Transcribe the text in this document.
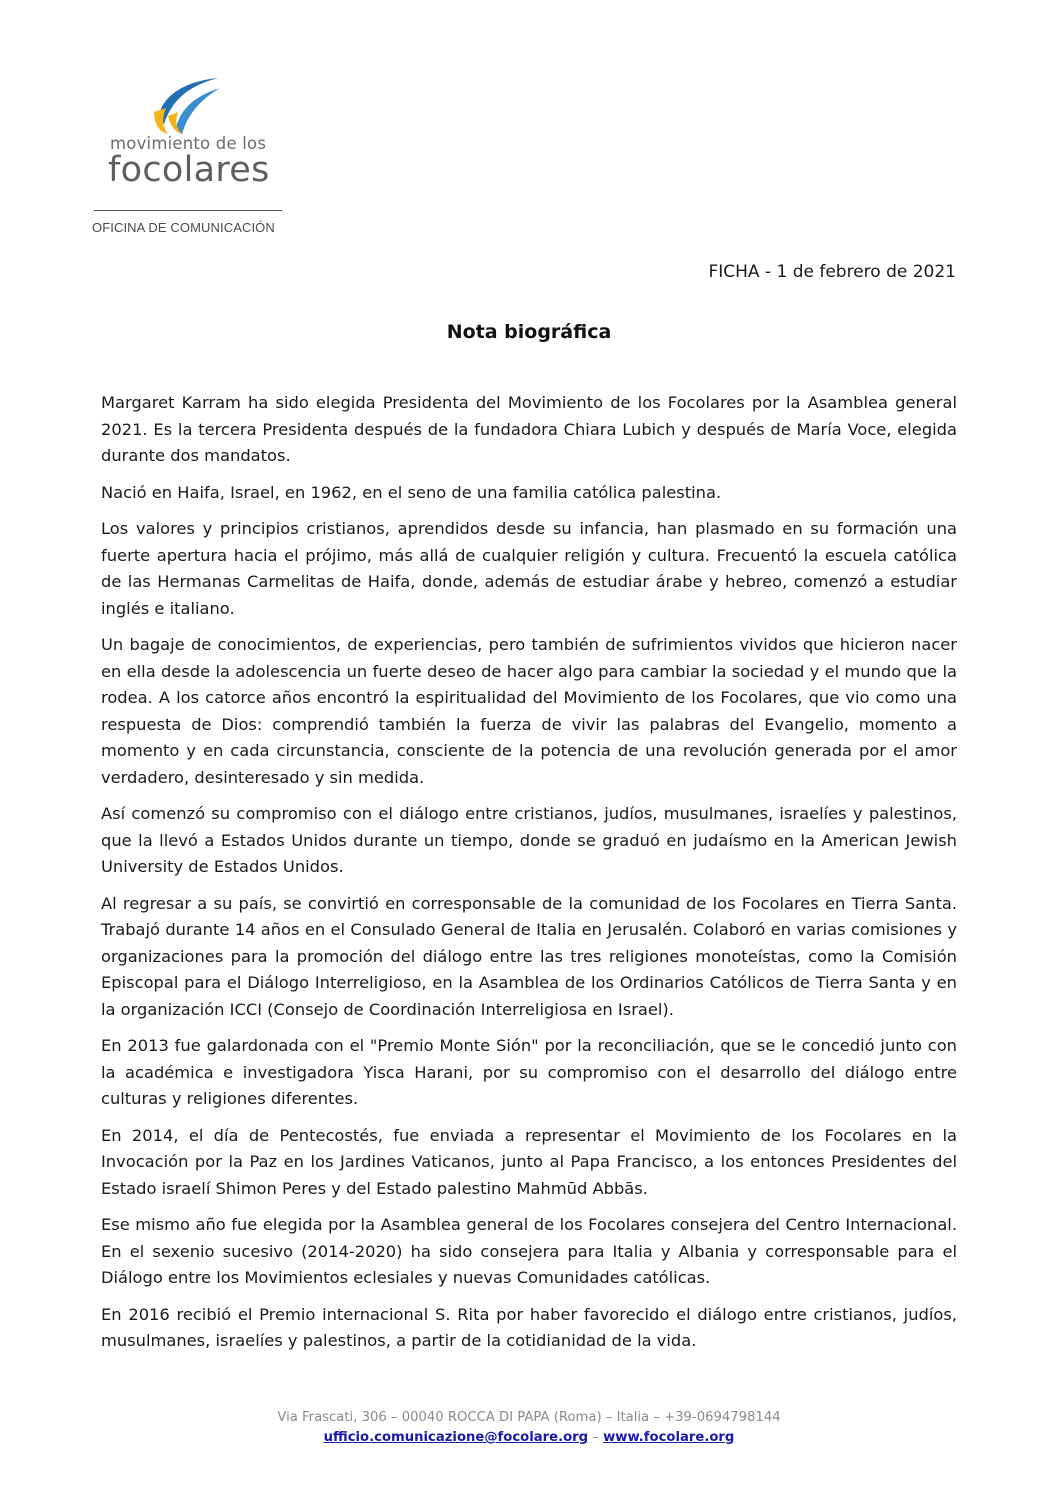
movimiento de los
focolares
OFICINA DE COMUNICACIÓN
FICHA - 1 de febrero de 2021
Nota biográfica

Margaret Karram ha sido elegida Presidenta del Movimiento de los Focolares por la Asamblea general 2021. Es la tercera Presidenta después de la fundadora Chiara Lubich y después de María Voce, elegida durante dos mandatos.

Nació en Haifa, Israel, en 1962, en el seno de una familia católica palestina.

Los valores y principios cristianos, aprendidos desde su infancia, han plasmado en su formación una fuerte apertura hacia el prójimo, más allá de cualquier religión y cultura. Frecuentó la escuela católica de las Hermanas Carmelitas de Haifa, donde, además de estudiar árabe y hebreo, comenzó a estudiar inglés e italiano.

Un bagaje de conocimientos, de experiencias, pero también de sufrimientos vividos que hicieron nacer en ella desde la adolescencia un fuerte deseo de hacer algo para cambiar la sociedad y el mundo que la rodea. A los catorce años encontró la espiritualidad del Movimiento de los Focolares, que vio como una respuesta de Dios: comprendió también la fuerza de vivir las palabras del Evangelio, momento a momento y en cada circunstancia, consciente de la potencia de una revolución generada por el amor verdadero, desinteresado y sin medida.

Así comenzó su compromiso con el diálogo entre cristianos, judíos, musulmanes, israelíes y palestinos, que la llevó a Estados Unidos durante un tiempo, donde se graduó en judaísmo en la American Jewish University de Estados Unidos.

Al regresar a su país, se convirtió en corresponsable de la comunidad de los Focolares en Tierra Santa. Trabajó durante 14 años en el Consulado General de Italia en Jerusalén. Colaboró en varias comisiones y organizaciones para la promoción del diálogo entre las tres religiones monoteístas, como la Comisión Episcopal para el Diálogo Interreligioso, en la Asamblea de los Ordinarios Católicos de Tierra Santa y en la organización ICCI (Consejo de Coordinación Interreligiosa en Israel).

En 2013 fue galardonada con el "Premio Monte Sión" por la reconciliación, que se le concedió junto con la académica e investigadora Yisca Harani, por su compromiso con el desarrollo del diálogo entre culturas y religiones diferentes.

En 2014, el día de Pentecostés, fue enviada a representar el Movimiento de los Focolares en la Invocación por la Paz en los Jardines Vaticanos, junto al Papa Francisco, a los entonces Presidentes del Estado israelí Shimon Peres y del Estado palestino Mahmūd Abbās.

Ese mismo año fue elegida por la Asamblea general de los Focolares consejera del Centro Internacional. En el sexenio sucesivo (2014-2020) ha sido consejera para Italia y Albania y corresponsable para el Diálogo entre los Movimientos eclesiales y nuevas Comunidades católicas.

En 2016 recibió el Premio internacional S. Rita por haber favorecido el diálogo entre cristianos, judíos, musulmanes, israelíes y palestinos, a partir de la cotidianidad de la vida.

Via Frascati, 306 – 00040 ROCCA DI PAPA (Roma) – Italia – +39-0694798144
ufficio.comunicazione@focolare.org – www.focolare.org
